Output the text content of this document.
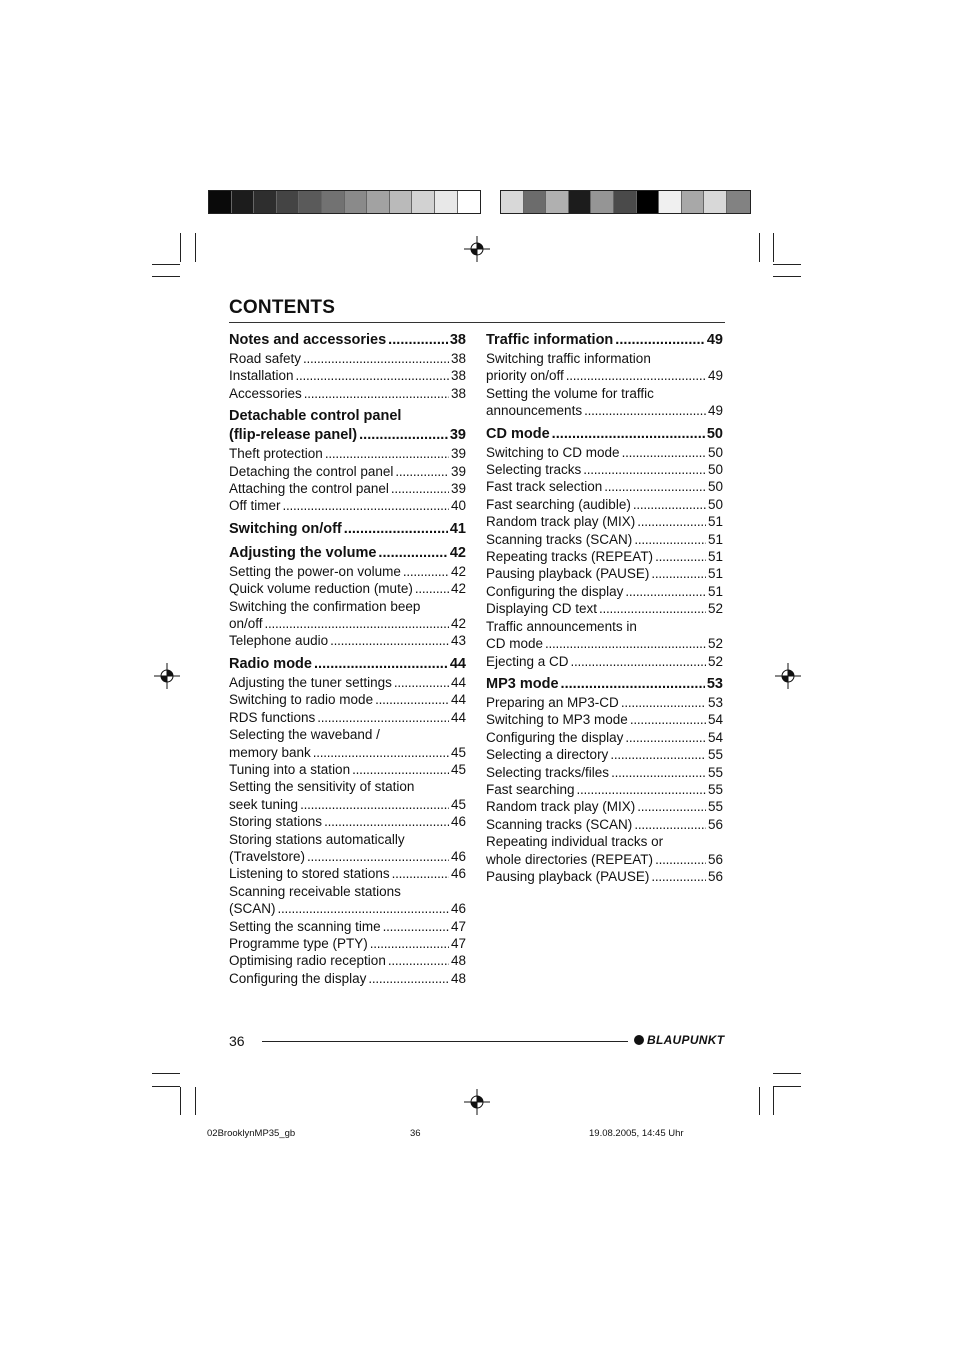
CONTENTS
Notes and accessories . . .	38
Road safety . . .	38
Installation . . .	38
Accessories . . .	38
Detachable control panel
(flip-release panel) . . .	39
Theft protection . . .	39
Detaching the control panel . . .	39
Attaching the control panel . . .	39
Off timer . . .	40
Switching on/off . . .	41
Adjusting the volume . . .	42
Setting the power-on volume . . .	42
Quick volume reduction (mute) . . .	42
Switching the confirmation beep
on/off . . .	42
Telephone audio . . .	43
Radio mode . . .	44
Adjusting the tuner settings . . .	44
Switching to radio mode . . .	44
RDS functions . . .	44
Selecting the waveband /
memory bank . . .	45
Tuning into a station . . .	45
Setting the sensitivity of station
seek tuning . . .	45
Storing stations . . .	46
Storing stations automatically
(Travelstore) . . .	46
Listening to stored stations . . .	46
Scanning receivable stations
(SCAN) . . .	46
Setting the scanning time . . .	47
Programme type (PTY) . . .	47
Optimising radio reception . . .	48
Configuring the display . . .	48
Traffic information . . .	49
Switching traffic information
priority on/off . . .	49
Setting the volume for traffic
announcements . . .	49
CD mode . . .	50
Switching to CD mode . . .	50
Selecting tracks . . .	50
Fast track selection . . .	50
Fast searching (audible) . . .	50
Random track play (MIX) . . .	51
Scanning tracks (SCAN) . . .	51
Repeating tracks (REPEAT) . . .	51
Pausing playback (PAUSE) . . .	51
Configuring the display . . .	51
Displaying CD text . . .	52
Traffic announcements in
CD mode . . .	52
Ejecting a CD . . .	52
MP3 mode . . .	53
Preparing an MP3-CD . . .	53
Switching to MP3 mode . . .	54
Configuring the display . . .	54
Selecting a directory . . .	55
Selecting tracks/files . . .	55
Fast searching . . .	55
Random track play (MIX) . . .	55
Scanning tracks (SCAN) . . .	56
Repeating individual tracks or
whole directories (REPEAT) . . .	56
Pausing playback (PAUSE) . . .	56
36	BLAUPUNKT
02BrooklynMP35_gb	36	19.08.2005, 14:45 Uhr
